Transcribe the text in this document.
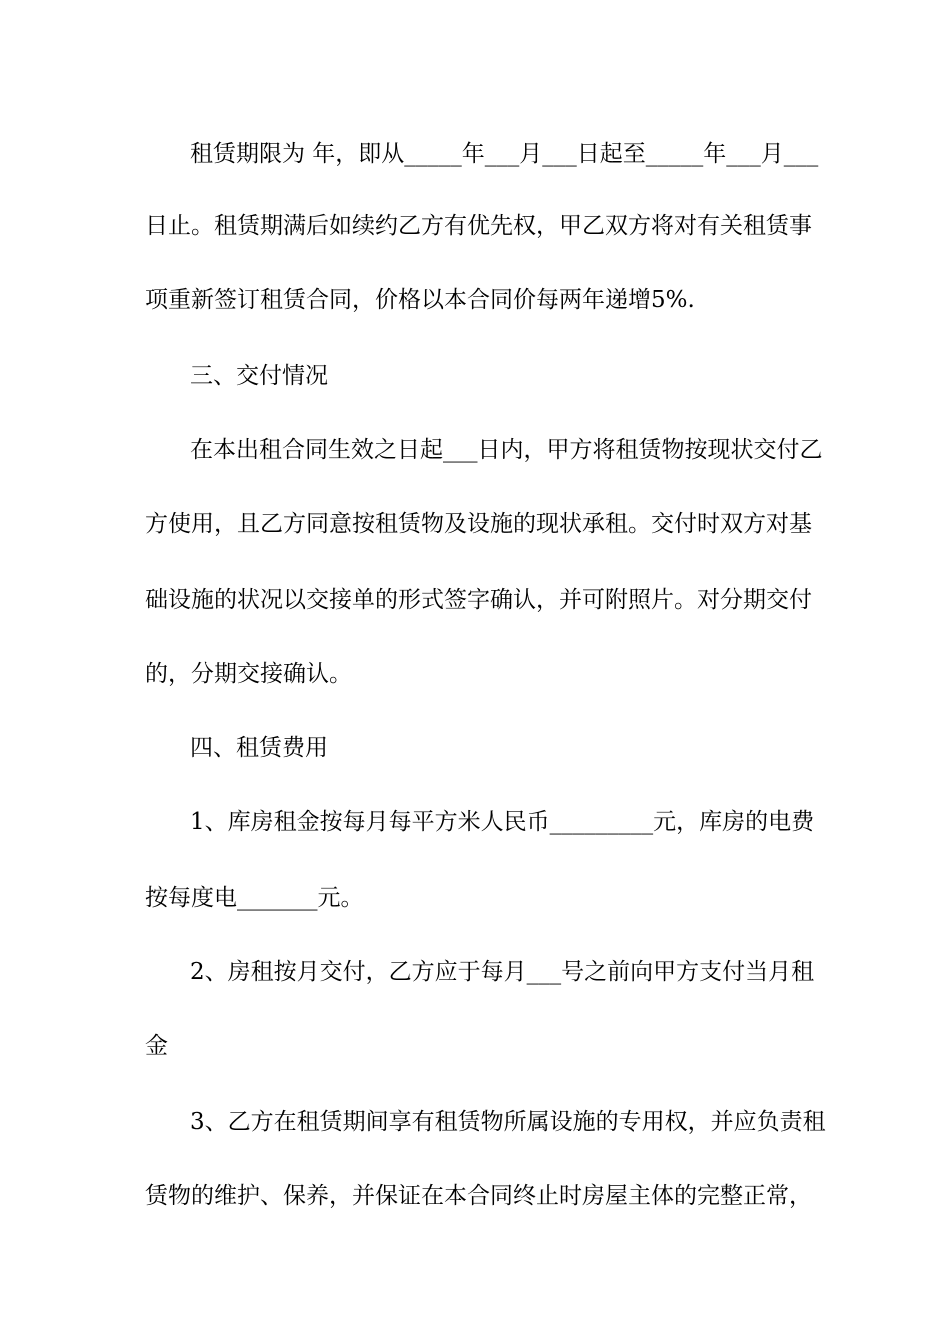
租赁期限为 年，即从_____年___月___日起至_____年___月___
日止。租赁期满后如续约乙方有优先权，甲乙双方将对有关租赁事
项重新签订租赁合同，价格以本合同价每两年递增5%.
三、交付情况
在本出租合同生效之日起___日内，甲方将租赁物按现状交付乙
方使用，且乙方同意按租赁物及设施的现状承租。交付时双方对基
础设施的状况以交接单的形式签字确认，并可附照片。对分期交付
的，分期交接确认。
四、租赁费用
1、库房租金按每月每平方米人民币_________元，库房的电费
按每度电_______元。
2、房租按月交付，乙方应于每月___号之前向甲方支付当月租
金
3、乙方在租赁期间享有租赁物所属设施的专用权，并应负责租
赁物的维护、保养，并保证在本合同终止时房屋主体的完整正常，
